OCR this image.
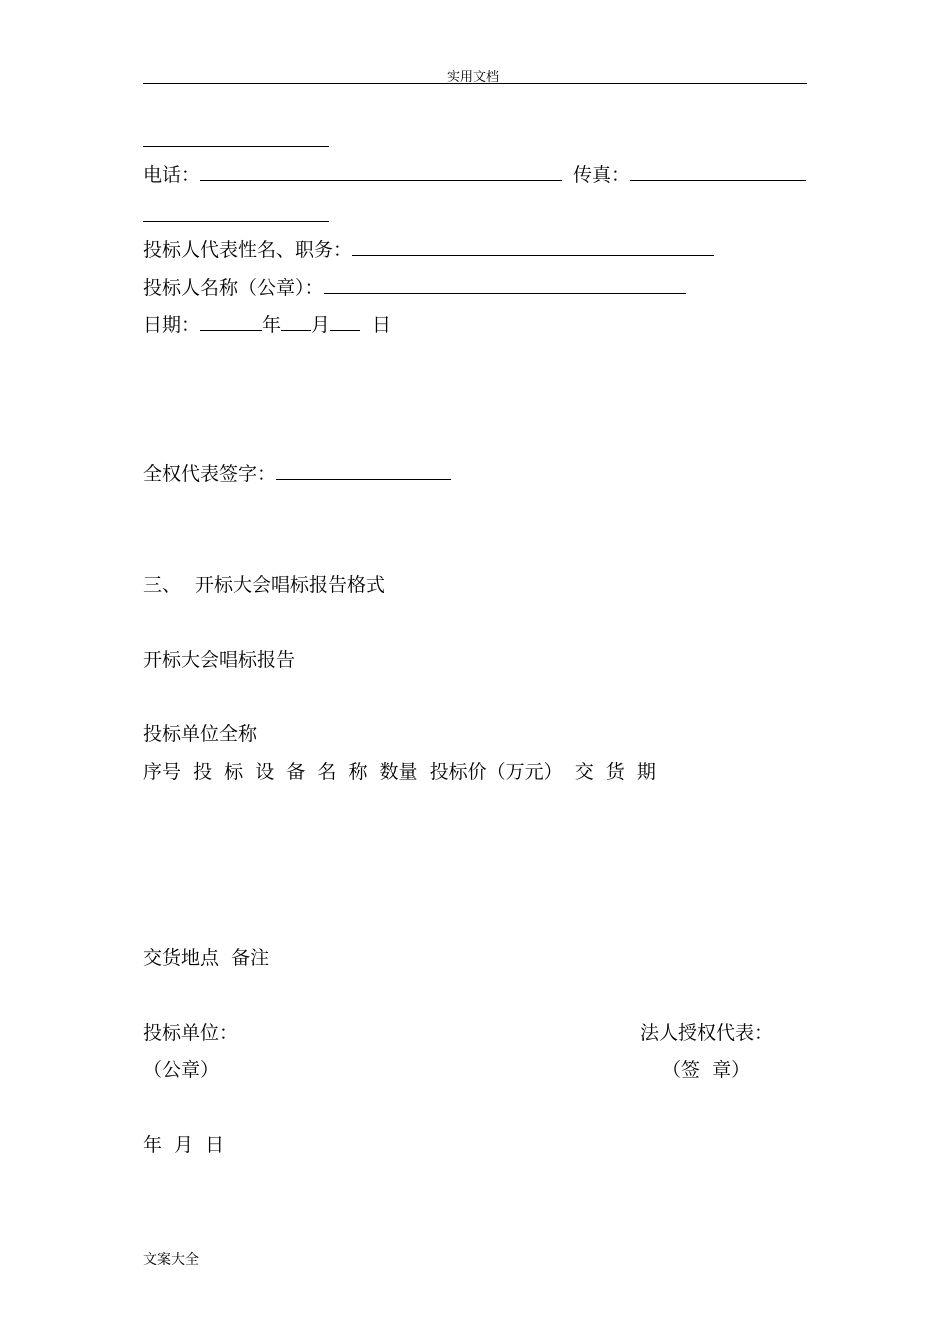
实用文档
电话：	传真：
投标人代表性名、职务：
投标人名称（公章）：
日期：	年 月 日
全权代表签字：
三、 开标大会唱标报告格式
开标大会唱标报告
投标单位全称
序号  投  标  设  备  名  称  数量  投标价（万元）  交  货  期
交货地点  备注
投标单位：	法人授权代表：
（公章）	（签  章）
年  月  日
文案大全
